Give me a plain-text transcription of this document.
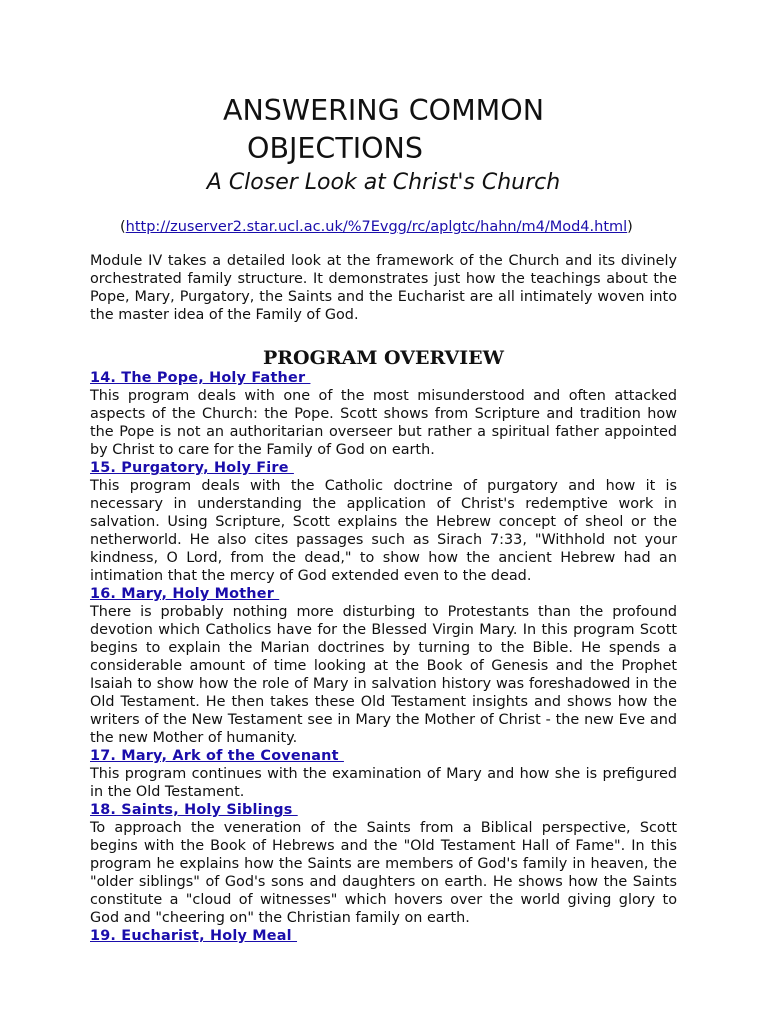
ANSWERING COMMON
OBJECTIONS
A Closer Look at Christ's Church
(http://zuserver2.star.ucl.ac.uk/%7Evgg/rc/aplgtc/hahn/m4/Mod4.html)

Module IV takes a detailed look at the framework of the Church and its divinely orchestrated family structure. It demonstrates just how the teachings about the Pope, Mary, Purgatory, the Saints and the Eucharist are all intimately woven into the master idea of the Family of God.

PROGRAM OVERVIEW
14. The Pope, Holy Father

This program deals with one of the most misunderstood and often attacked aspects of the Church: the Pope. Scott shows from Scripture and tradition how the Pope is not an authoritarian overseer but rather a spiritual father appointed by Christ to care for the Family of God on earth.

15. Purgatory, Holy Fire

This program deals with the Catholic doctrine of purgatory and how it is necessary in understanding the application of Christ's redemptive work in salvation. Using Scripture, Scott explains the Hebrew concept of sheol or the netherworld. He also cites passages such as Sirach 7:33, "Withhold not your kindness, O Lord, from the dead," to show how the ancient Hebrew had an intimation that the mercy of God extended even to the dead.

16. Mary, Holy Mother

There is probably nothing more disturbing to Protestants than the profound devotion which Catholics have for the Blessed Virgin Mary. In this program Scott begins to explain the Marian doctrines by turning to the Bible. He spends a considerable amount of time looking at the Book of Genesis and the Prophet Isaiah to show how the role of Mary in salvation history was foreshadowed in the Old Testament. He then takes these Old Testament insights and shows how the writers of the New Testament see in Mary the Mother of Christ - the new Eve and the new Mother of humanity.

17. Mary, Ark of the Covenant

This program continues with the examination of Mary and how she is prefigured in the Old Testament.

18. Saints, Holy Siblings

To approach the veneration of the Saints from a Biblical perspective, Scott begins with the Book of Hebrews and the "Old Testament Hall of Fame". In this program he explains how the Saints are members of God's family in heaven, the "older siblings" of God's sons and daughters on earth. He shows how the Saints constitute a "cloud of witnesses" which hovers over the world giving glory to God and "cheering on" the Christian family on earth.

19. Eucharist, Holy Meal
